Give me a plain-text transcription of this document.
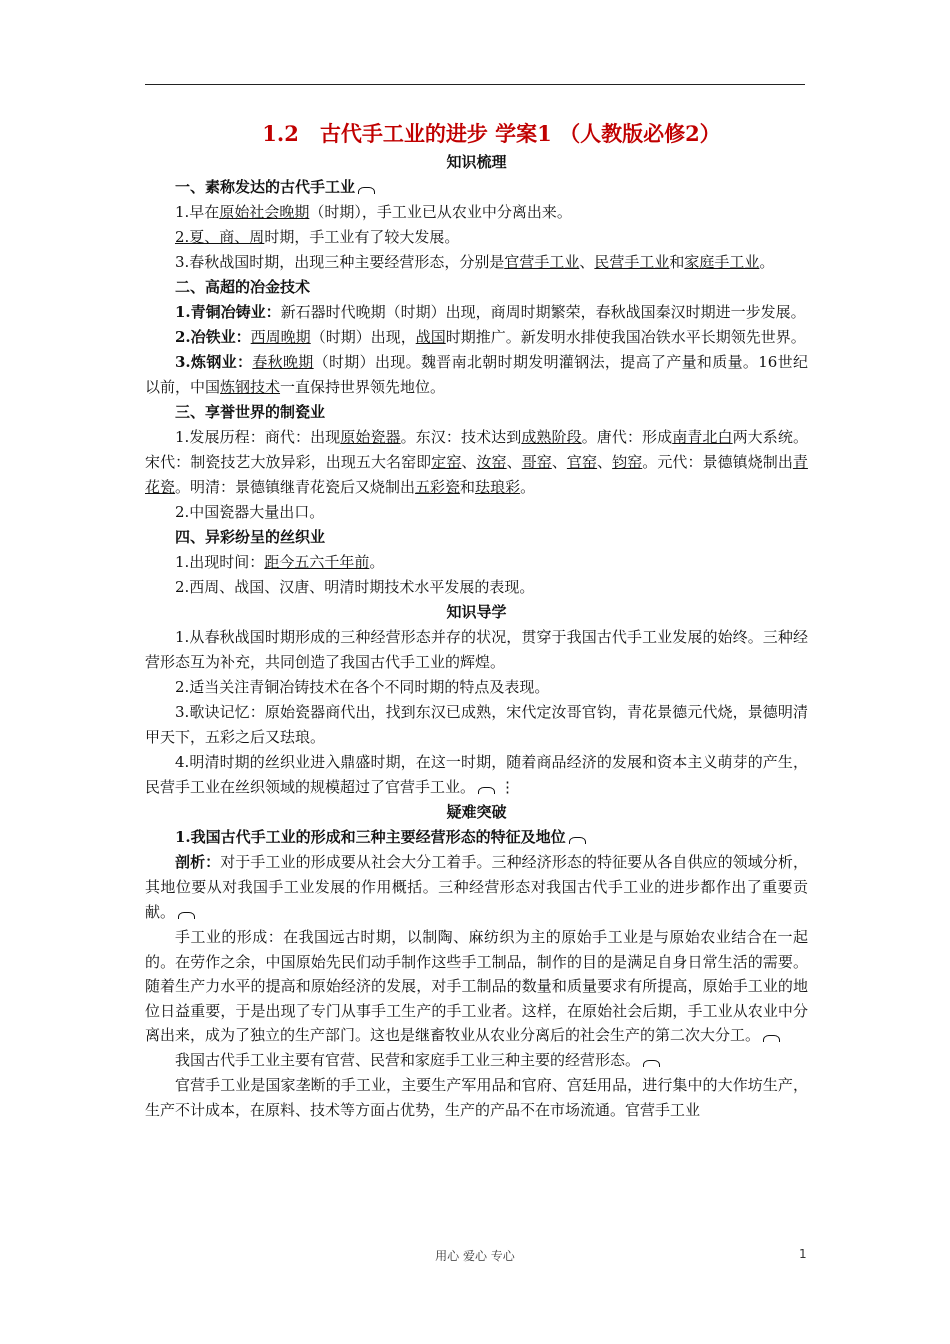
1.2　古代手工业的进步 学案1 （人教版必修2）
知识梳理
一、素称发达的古代手工业
1.早在原始社会晚期（时期），手工业已从农业中分离出来。
2.夏、商、周时期，手工业有了较大发展。
3.春秋战国时期，出现三种主要经营形态，分别是官营手工业、民营手工业和家庭手工业。
二、高超的冶金技术
1.青铜冶铸业：新石器时代晚期（时期）出现，商周时期繁荣，春秋战国秦汉时期进一步发展。
2.冶铁业：西周晚期（时期）出现，战国时期推广。新发明水排使我国冶铁水平长期领先世界。
3.炼钢业：春秋晚期（时期）出现。魏晋南北朝时期发明灌钢法，提高了产量和质量。16世纪以前，中国炼钢技术一直保持世界领先地位。
三、享誉世界的制瓷业
1.发展历程：商代：出现原始瓷器。东汉：技术达到成熟阶段。唐代：形成南青北白两大系统。宋代：制瓷技艺大放异彩，出现五大名窑即定窑、汝窑、哥窑、官窑、钧窑。元代：景德镇烧制出青花瓷。明清：景德镇继青花瓷后又烧制出五彩瓷和珐琅彩。
2.中国瓷器大量出口。
四、异彩纷呈的丝织业
1.出现时间：距今五六千年前。
2.西周、战国、汉唐、明清时期技术水平发展的表现。
知识导学
1.从春秋战国时期形成的三种经营形态并存的状况，贯穿于我国古代手工业发展的始终。三种经营形态互为补充，共同创造了我国古代手工业的辉煌。
2.适当关注青铜冶铸技术在各个不同时期的特点及表现。
3.歌诀记忆：原始瓷器商代出，找到东汉已成熟，宋代定汝哥官钧，青花景德元代烧，景德明清甲天下，五彩之后又珐琅。
4.明清时期的丝织业进入鼎盛时期，在这一时期，随着商品经济的发展和资本主义萌芽的产生，民营手工业在丝织领域的规模超过了官营手工业。 ⋮
疑难突破
1.我国古代手工业的形成和三种主要经营形态的特征及地位
剖析：对于手工业的形成要从社会大分工着手。三种经济形态的特征要从各自供应的领域分析，其地位要从对我国手工业发展的作用概括。三种经营形态对我国古代手工业的进步都作出了重要贡献。
手工业的形成：在我国远古时期，以制陶、麻纺织为主的原始手工业是与原始农业结合在一起的。在劳作之余，中国原始先民们动手制作这些手工制品，制作的目的是满足自身日常生活的需要。随着生产力水平的提高和原始经济的发展，对手工制品的数量和质量要求有所提高，原始手工业的地位日益重要，于是出现了专门从事手工生产的手工业者。这样，在原始社会后期，手工业从农业中分离出来，成为了独立的生产部门。这也是继畜牧业从农业分离后的社会生产的第二次大分工。
我国古代手工业主要有官营、民营和家庭手工业三种主要的经营形态。
官营手工业是国家垄断的手工业，主要生产军用品和官府、宫廷用品，进行集中的大作坊生产，生产不计成本，在原料、技术等方面占优势，生产的产品不在市场流通。官营手工业
用心 爱心 专心	1
